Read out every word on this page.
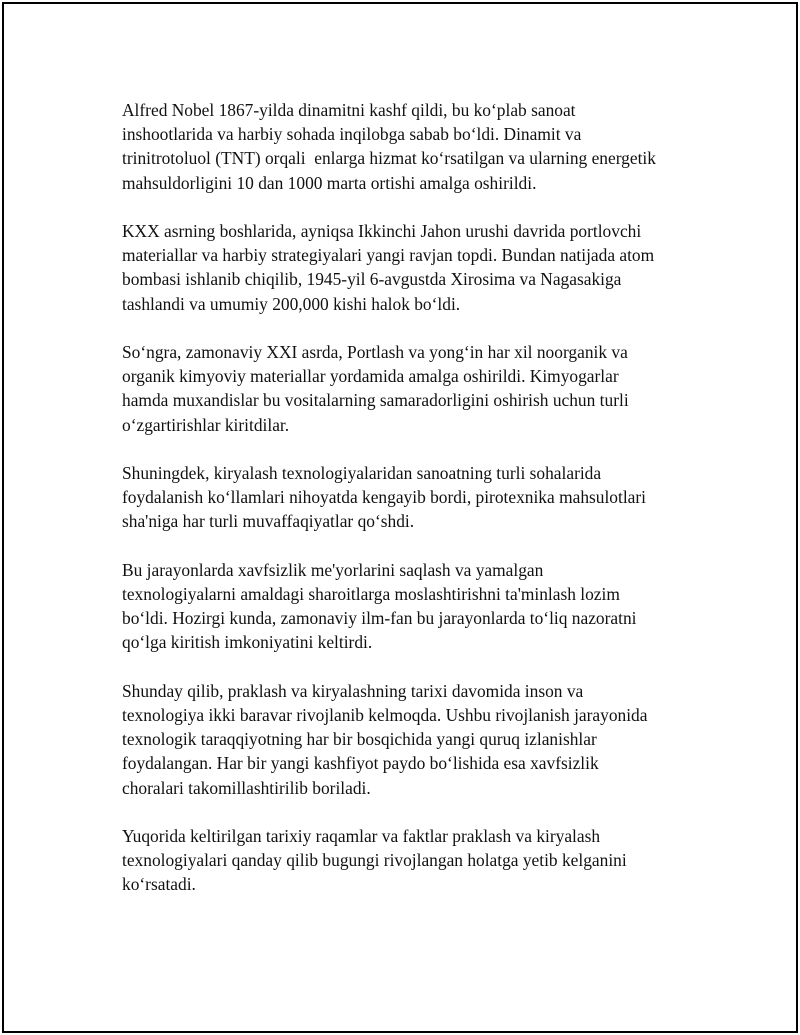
Alfred Nobel 1867-yilda dinamitni kashf qildi, bu ko‘plab sanoat
inshootlarida va harbiy sohada inqilobga sabab bo‘ldi. Dinamit va
trinitrotoluol (TNT) orqali  enlarga hizmat ko‘rsatilgan va ularning energetik
mahsuldorligini 10 dan 1000 marta ortishi amalga oshirildi.

KXX asrning boshlarida, ayniqsa Ikkinchi Jahon urushi davrida portlovchi
materiallar va harbiy strategiyalari yangi ravjan topdi. Bundan natijada atom
bombasi ishlanib chiqilib, 1945-yil 6-avgustda Xirosima va Nagasakiga
tashlandi va umumiy 200,000 kishi halok bo‘ldi.

So‘ngra, zamonaviy XXI asrda, Portlash va yong‘in har xil noorganik va
organik kimyoviy materiallar yordamida amalga oshirildi. Kimyogarlar
hamda muxandislar bu vositalarning samaradorligini oshirish uchun turli
o‘zgartirishlar kiritdilar.

Shuningdek, kiryalash texnologiyalaridan sanoatning turli sohalarida
foydalanish ko‘llamlari nihoyatda kengayib bordi, pirotexnika mahsulotlari
sha'niga har turli muvaffaqiyatlar qo‘shdi.

Bu jarayonlarda xavfsizlik me'yorlarini saqlash va yamalgan
texnologiyalarni amaldagi sharoitlarga moslashtirishni ta'minlash lozim
bo‘ldi. Hozirgi kunda, zamonaviy ilm-fan bu jarayonlarda to‘liq nazoratni
qo‘lga kiritish imkoniyatini keltirdi.

Shunday qilib, praklash va kiryalashning tarixi davomida inson va
texnologiya ikki baravar rivojlanib kelmoqda. Ushbu rivojlanish jarayonida
texnologik taraqqiyotning har bir bosqichida yangi quruq izlanishlar
foydalangan. Har bir yangi kashfiyot paydo bo‘lishida esa xavfsizlik
choralari takomillashtirilib boriladi.

Yuqorida keltirilgan tarixiy raqamlar va faktlar praklash va kiryalash
texnologiyalari qanday qilib bugungi rivojlangan holatga yetib kelganini
ko‘rsatadi.
